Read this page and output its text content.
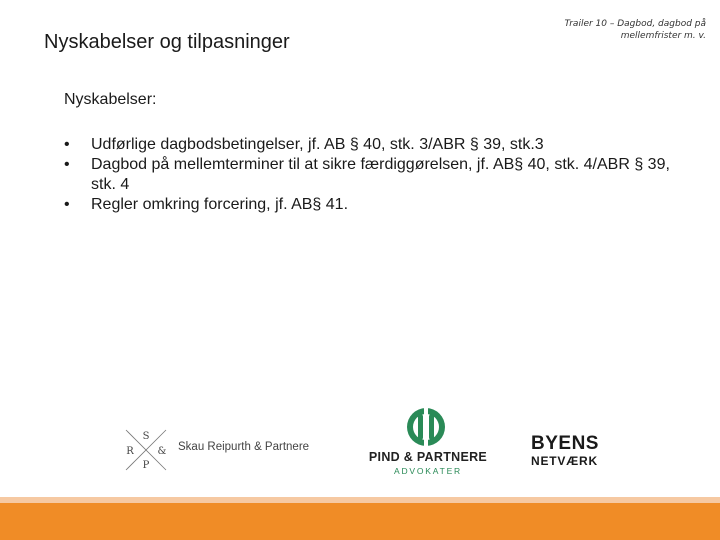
Nyskabelser og tilpasninger
Trailer 10 – Dagbod, dagbod på mellemfrister m. v.
Nyskabelser:
•	Udførlige dagbodsbetingelser, jf. AB § 40, stk. 3/ABR § 39, stk.3
•	Dagbod på mellemterminer til at sikre færdiggørelsen, jf. AB§ 40, stk. 4/ABR § 39, stk. 4
•	Regler omkring forcering, jf. AB§ 41.
S
R &
P
Skau Reipurth & Partnere
PIND & PARTNERE
ADVOKATER
BYENS
NETVÆRK
